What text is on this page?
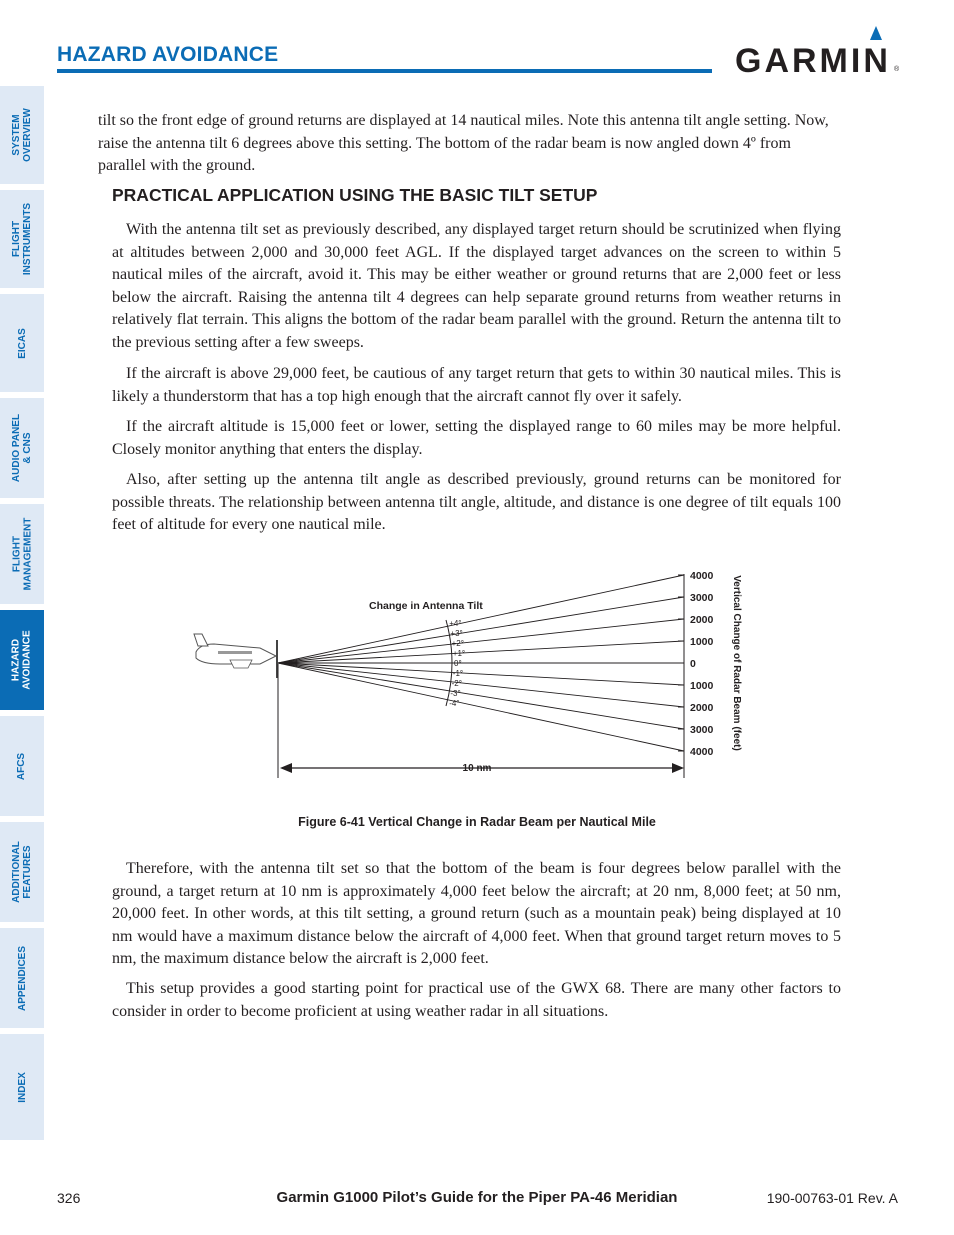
HAZARD AVOIDANCE	GARMIN ®
SYSTEM
OVERVIEW
FLIGHT
INSTRUMENTS
EICAS
AUDIO PANEL
& CNS
FLIGHT
MANAGEMENT
HAZARD
AVOIDANCE
AFCS
ADDITIONAL
FEATURES
APPENDICES
INDEX
tilt so the front edge of ground returns are displayed at 14 nautical miles. Note this antenna tilt angle setting. Now, raise the antenna tilt 6 degrees above this setting. The bottom of the radar beam is now angled down 4º from parallel with the ground.
PRACTICAL APPLICATION USING THE BASIC TILT SETUP
With the antenna tilt set as previously described, any displayed target return should be scrutinized when flying at altitudes between 2,000 and 30,000 feet AGL. If the displayed target advances on the screen to within 5 nautical miles of the aircraft, avoid it. This may be either weather or ground returns that are 2,000 feet or less below the aircraft. Raising the antenna tilt 4 degrees can help separate ground returns from weather returns in relatively flat terrain. This aligns the bottom of the radar beam parallel with the ground. Return the antenna tilt to the previous setting after a few sweeps.
If the aircraft is above 29,000 feet, be cautious of any target return that gets to within 30 nautical miles. This is likely a thunderstorm that has a top high enough that the aircraft cannot fly over it safely.
If the aircraft altitude is 15,000 feet or lower, setting the displayed range to 60 miles may be more helpful. Closely monitor anything that enters the display.
Also, after setting up the antenna tilt angle as described previously, ground returns can be monitored for possible threats. The relationship between antenna tilt angle, altitude, and distance is one degree of tilt equals 100 feet of altitude for every one nautical mile.
+4°
+3°
+2°
+1°
0°
-1°
-2°
-3°
-4°
Change in Antenna Tilt
4000
3000
2000
1000
0
1000
2000
3000
4000
Vertical Change of Radar Beam (feet)
10 nm
Figure 6-41 Vertical Change in Radar Beam per Nautical Mile
Therefore, with the antenna tilt set so that the bottom of the beam is four degrees below parallel with the ground, a target return at 10 nm is approximately 4,000 feet below the aircraft; at 20 nm, 8,000 feet; at 50 nm, 20,000 feet. In other words, at this tilt setting, a ground return (such as a mountain peak) being displayed at 10 nm would have a maximum distance below the aircraft of 4,000 feet. When that ground target return moves to 5 nm, the maximum distance below the aircraft is 2,000 feet.
This setup provides a good starting point for practical use of the GWX 68. There are many other factors to consider in order to become proficient at using weather radar in all situations.
326	Garmin G1000 Pilot’s Guide for the Piper PA-46 Meridian	190-00763-01 Rev. A
